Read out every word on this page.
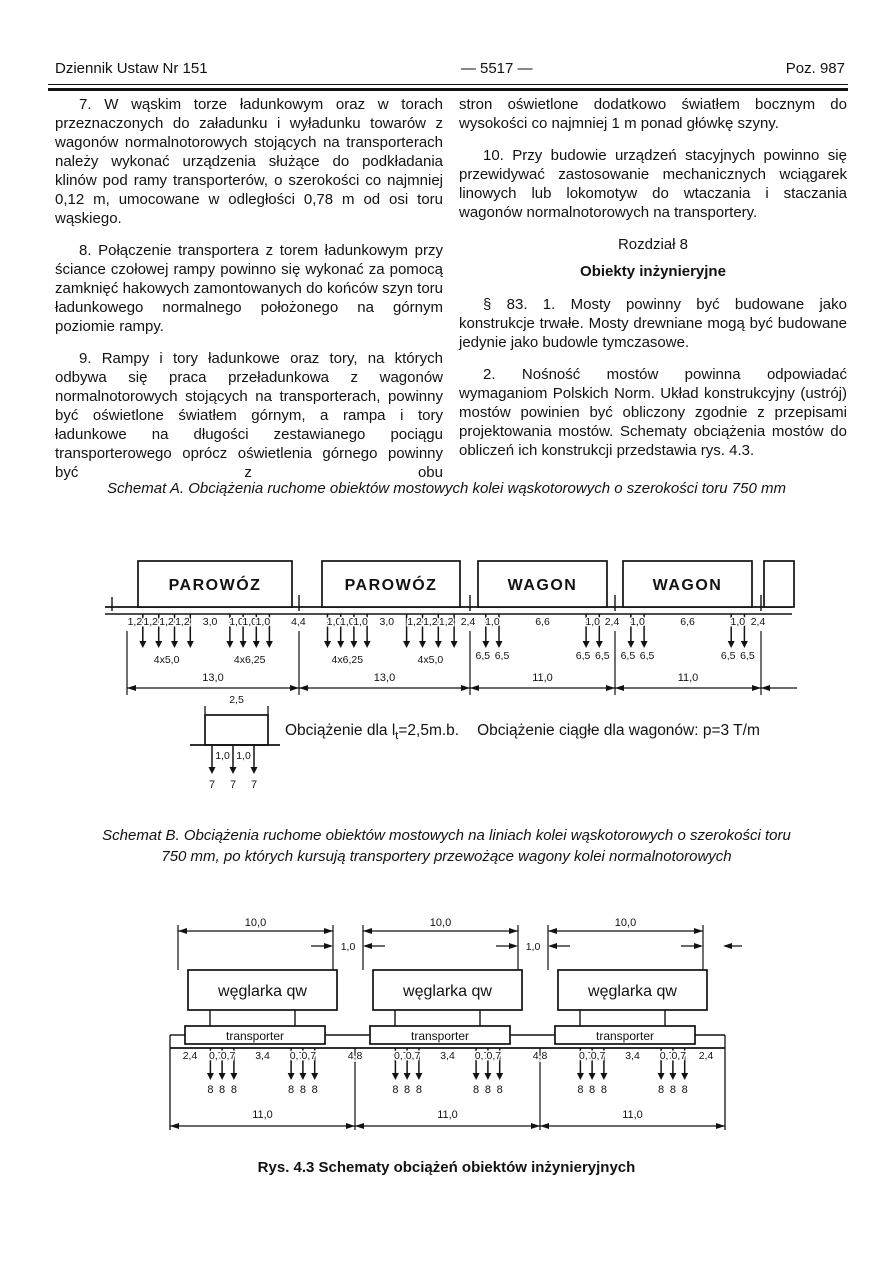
Dziennik Ustaw Nr 151	— 5517 —	Poz. 987

7. W wąskim torze ładunkowym oraz w torach przeznaczonych do załadunku i wyładunku towarów z wagonów normalnotorowych stojących na transporterach należy wykonać urządzenia służące do podkładania klinów pod ramy transporterów, o szerokości co najmniej 0,12 m, umocowane w odległości 0,78 m od osi toru wąskiego.

8. Połączenie transportera z torem ładunkowym przy ściance czołowej rampy powinno się wykonać za pomocą zamknięć hakowych zamontowanych do końców szyn toru ładunkowego normalnego położonego na górnym poziomie rampy.

9. Rampy i tory ładunkowe oraz tory, na których odbywa się praca przeładunkowa z wagonów normalnotorowych stojących na transporterach, powinny być oświetlone światłem górnym, a rampa i tory ładunkowe na długości zestawianego pociągu transporterowego oprócz oświetlenia górnego powinny być z obu

stron oświetlone dodatkowo światłem bocznym do wysokości co najmniej 1 m ponad główkę szyny.

10. Przy budowie urządzeń stacyjnych powinno się przewidywać zastosowanie mechanicznych wciągarek linowych lub lokomotyw do wtaczania i staczania wagonów normalnotorowych na transportery.

Rozdział 8

Obiekty inżynieryjne

§ 83. 1. Mosty powinny być budowane jako konstrukcje trwałe. Mosty drewniane mogą być budowane jedynie jako budowle tymczasowe.

2. Nośność mostów powinna odpowiadać wymaganiom Polskich Norm. Układ konstrukcyjny (ustrój) mostów powinien być obliczony zgodnie z przepisami projektowania mostów. Schematy obciążenia mostów do obliczeń ich konstrukcji przedstawia rys. 4.3.

Schemat A. Obciążenia ruchome obiektów mostowych kolei wąskotorowych o szerokości toru 750 mm
PAROWÓZ	PAROWÓZ	WAGON	WAGON
1,2 1,2 1,2 1,2 3,0 1,0
1,0
1,0 4,4 1,0
1,0
1,0 3,0 1,2 1,2 1,2 2,4 1,0	6,6	1,0 2,4 1,0	6,6	1,0 2,4
4x5,0	4x6,25	4x6,25	4x5,0	6,5 6,5	6,5 6,5 6,5 6,5	6,5 6,5
13,0	13,0	11,0	11,0
2,5
1,0 1,0
7 7 7
Obciążenie dla $l_t=2,5m.b$. Obciążenie ciągłe dla wagonów: p=3 T/m
Schemat B. Obciążenia ruchome obiektów mostowych na liniach kolei wąskotorowych o szerokości toru
750 mm, po których kursują transportery przewożące wagony kolei normalnotorowych
10,0
węglarka qw
transporter
8 8 8	8 8 8
10,0
węglarka qw
transporter
8 8 8	8 8 8
10,0
węglarka qw
transporter
8 8 8	8 8 8
1,0	1,0
2,4 0,7
0,7 3,4 0,7
0,7	4,8	0,7
0,7 3,4 0,7
0,7	4,8	0,7
0,7 3,4 0,7
0,7 2,4
11,0	11,0	11,0
Rys. 4.3 Schematy obciążeń obiektów inżynieryjnych
